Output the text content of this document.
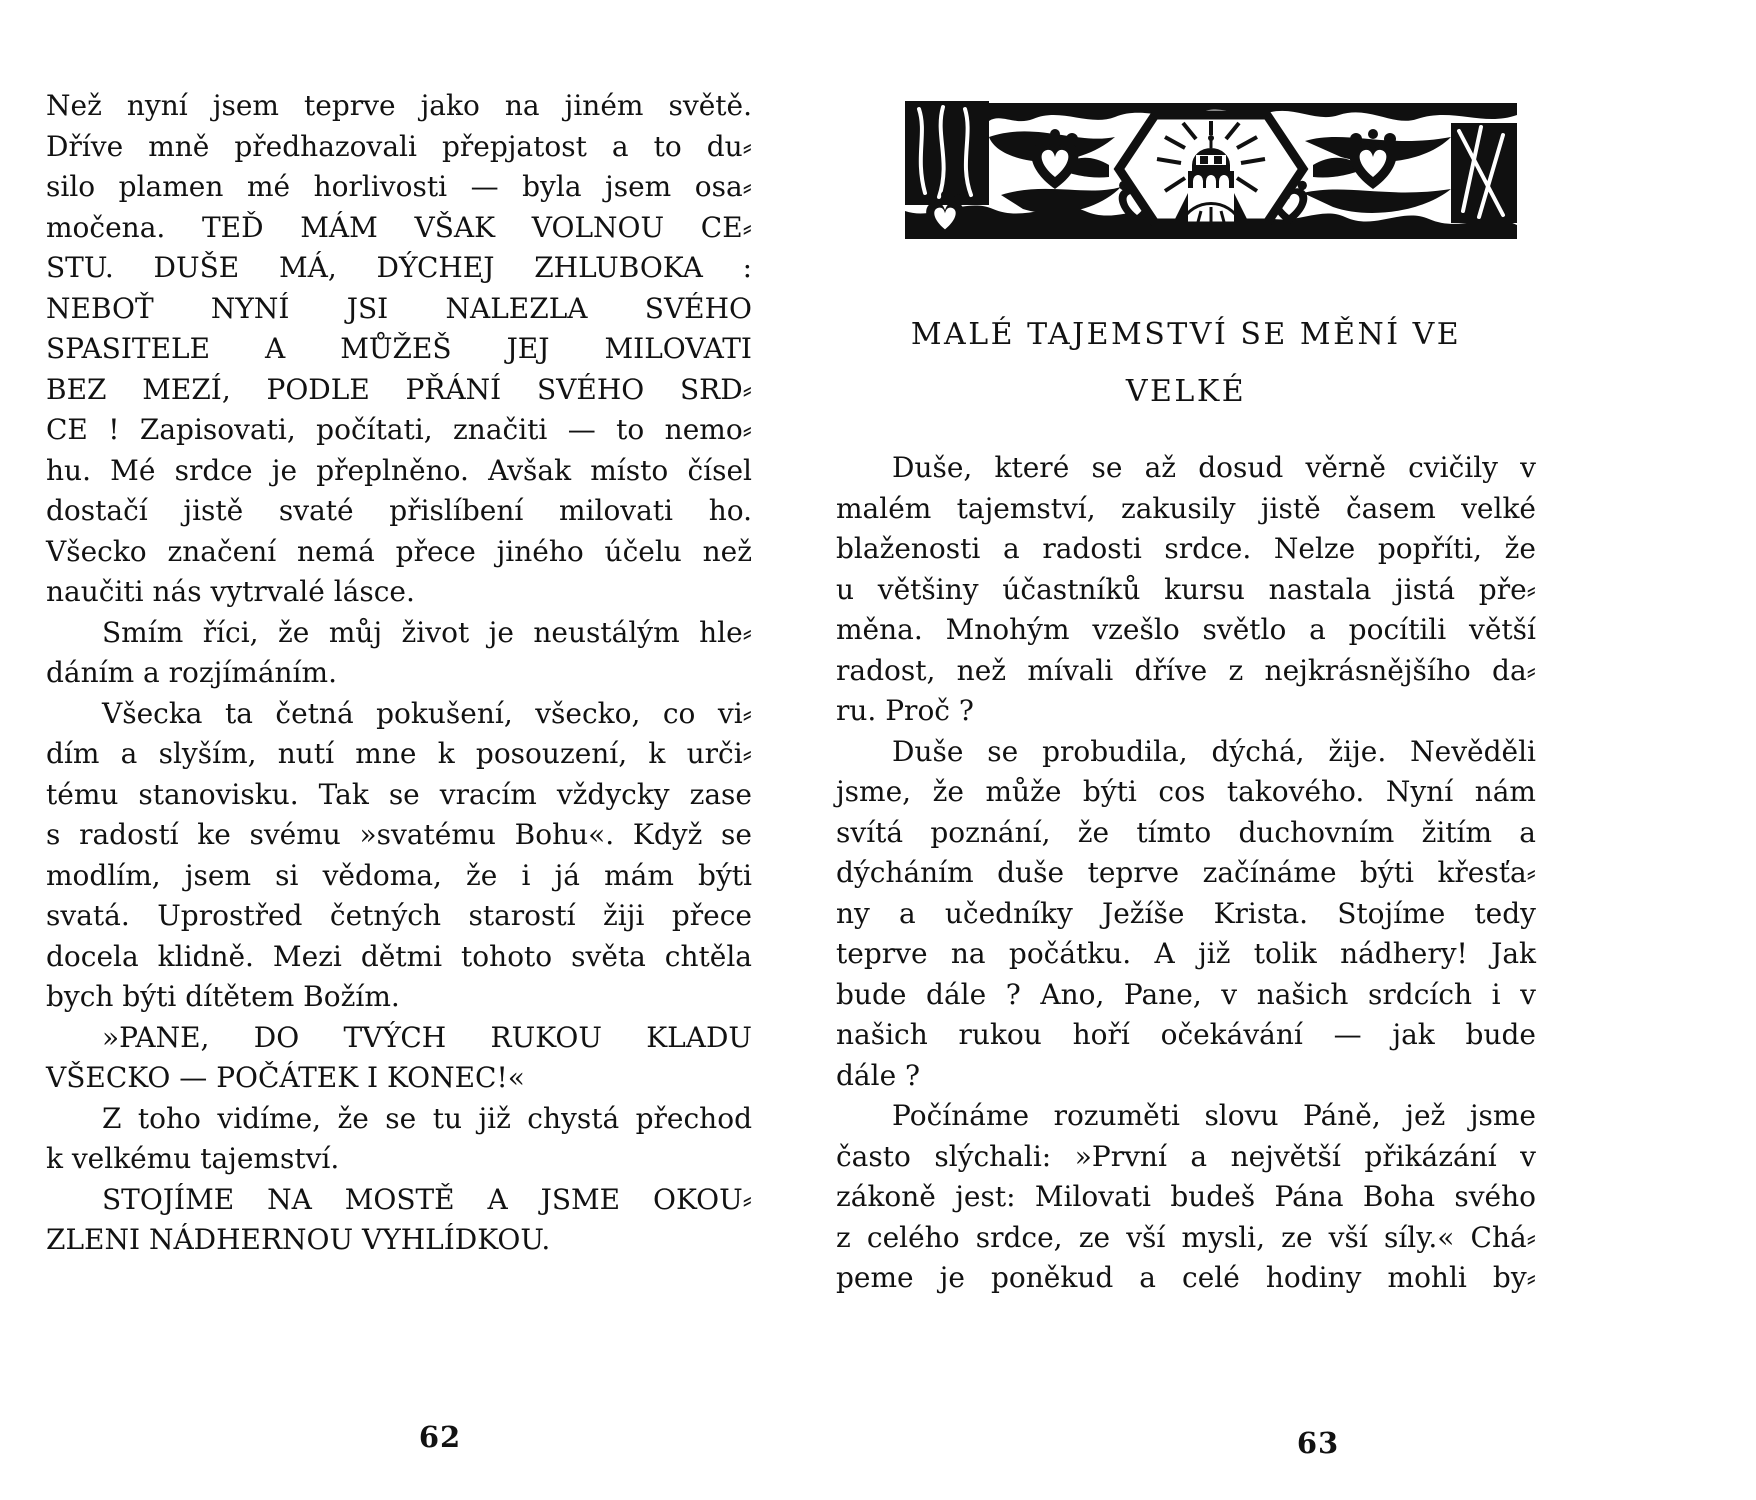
Než nyní jsem teprve jako na jiném světě.
Dříve mně předhazovali přepjatost a to du⸗
silo plamen mé horlivosti — byla jsem osa⸗
močena. TEĎ MÁM VŠAK VOLNOU CE⸗
STU. DUŠE MÁ, DÝCHEJ ZHLUBOKA :
NEBOŤ NYNÍ JSI NALEZLA SVÉHO
SPASITELE A MŮŽEŠ JEJ MILOVATI
BEZ MEZÍ, PODLE PŘÁNÍ SVÉHO SRD⸗
CE ! Zapisovati, počítati, značiti — to nemo⸗
hu. Mé srdce je přeplněno. Avšak místo čísel
dostačí jistě svaté přislíbení milovati ho.
Všecko značení nemá přece jiného účelu než
naučiti nás vytrvalé lásce.
Smím říci, že můj život je neustálým hle⸗
dáním a rozjímáním.
Všecka ta četná pokušení, všecko, co vi⸗
dím a slyším, nutí mne k posouzení, k urči⸗
tému stanovisku. Tak se vracím vždycky zase
s radostí ke svému »svatému Bohu«. Když se
modlím, jsem si vědoma, že i já mám býti
svatá. Uprostřed četných starostí žiji přece
docela klidně. Mezi dětmi tohoto světa chtěla
bych býti dítětem Božím.
»PANE, DO TVÝCH RUKOU KLADU
VŠECKO — POČÁTEK I KONEC!«
Z toho vidíme, že se tu již chystá přechod
k velkému tajemství.
STOJÍME NA MOSTĚ A JSME OKOU⸗
ZLENI NÁDHERNOU VYHLÍDKOU.
MALÉ TAJEMSTVÍ SE MĚNÍ VE
VELKÉ
Duše, které se až dosud věrně cvičily v
malém tajemství, zakusily jistě časem velké
blaženosti a radosti srdce. Nelze popříti, že
u většiny účastníků kursu nastala jistá pře⸗
měna. Mnohým vzešlo světlo a pocítili větší
radost, než mívali dříve z nejkrásnějšího da⸗
ru. Proč ?
Duše se probudila, dýchá, žije. Nevěděli
jsme, že může býti cos takového. Nyní nám
svítá poznání, že tímto duchovním žitím a
dýcháním duše teprve začínáme býti křesťa⸗
ny a učedníky Ježíše Krista. Stojíme tedy
teprve na počátku. A již tolik nádhery! Jak
bude dále ? Ano, Pane, v našich srdcích i v
našich rukou hoří očekávání — jak bude
dále ?
Počínáme rozuměti slovu Páně, jež jsme
často slýchali: »První a největší přikázání v
zákoně jest: Milovati budeš Pána Boha svého
z celého srdce, ze vší mysli, ze vší síly.« Chá⸗
peme je poněkud a celé hodiny mohli by⸗
62	63
